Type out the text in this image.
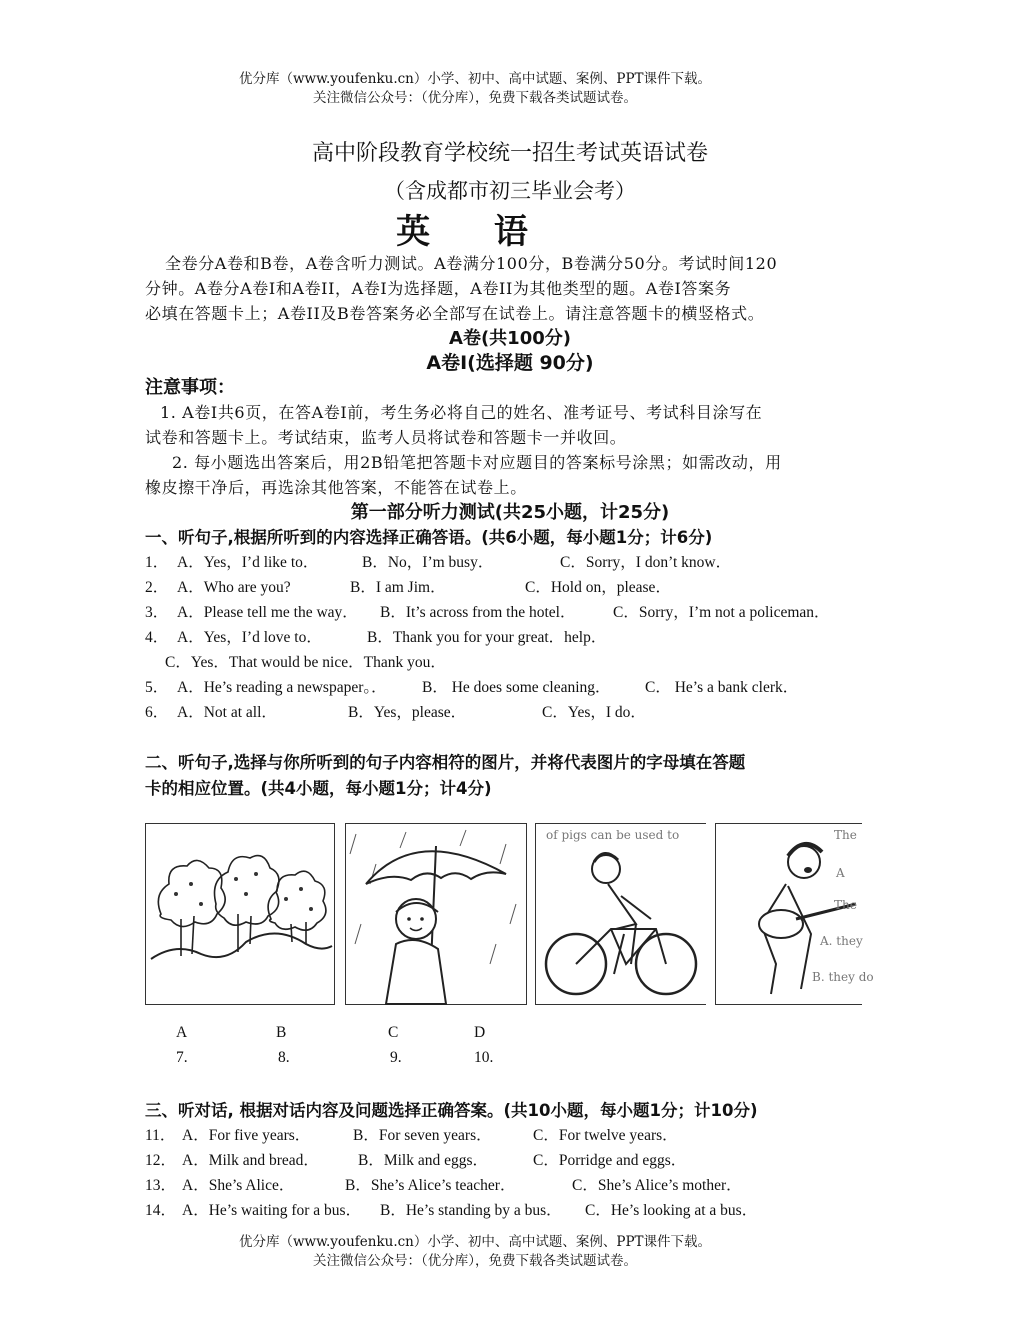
优分库（www.youfenku.cn）小学、初中、高中试题、案例、PPT课件下载。
关注微信公众号：（优分库），免费下载各类试题试卷。
高中阶段教育学校统一招生考试英语试卷
（含成都市初三毕业会考）
英 语
全卷分A卷和B卷，A卷含听力测试。A卷满分100分，B卷满分50分。考试时间120
分钟。A卷分A卷Ⅰ和A卷II，A卷Ⅰ为选择题，A卷II为其他类型的题。A卷Ⅰ答案务
必填在答题卡上；A卷II及B卷答案务必全部写在试卷上。请注意答题卡的横竖格式。
A卷(共100分)
A卷Ⅰ(选择题 90分)
注意事项：
1. A卷Ⅰ共6页，在答A卷Ⅰ前，考生务必将自己的姓名、准考证号、考试科目涂写在
试卷和答题卡上。考试结束，监考人员将试卷和答题卡一并收回。
2. 每小题选出答案后，用2B铅笔把答题卡对应题目的答案标号涂黑；如需改动，用
橡皮擦干净后，再选涂其他答案，不能答在试卷上。
第一部分听力测试(共25小题，计25分)
一、听句子,根据所听到的内容选择正确答语。(共6小题，每小题1分；计6分)
1． A．Yes，I’d like to．	B．No，I’m busy．	C．Sorry，I don’t know．
2． A．Who are you?	B．I am Jim．	C．Hold on，please．
3． A．Please tell me the way． B．It’s across from the hotel． C．Sorry，I’m not a policeman．
4． A．Yes，I’d love to．	B．Thank you for your great．help．
C．Yes．That would be nice．Thank you．
5． A．He’s reading a newspaper。． B． He does some cleaning． C． He’s a bank clerk．
6． A．Not at all．	B．Yes，please．	C．Yes，I do．
二、听句子,选择与你所听到的句子内容相符的图片，并将代表图片的字母填在答题
卡的相应位置。(共4小题，每小题1分；计4分)
of pigs can be used to	The
A
The
A. they
B. they do
A	B	C	D
7.	8.	9.	10.
三、听对话, 根据对话内容及问题选择正确答案。(共10小题，每小题1分；计10分)
11． A．For five years．	B．For seven years．	C．For twelve years．
12． A．Milk and bread．	B．Milk and eggs．	C．Porridge and eggs．
13． A．She’s Alice．	B．She’s Alice’s teacher．	C．She’s Alice’s mother．
14． A．He’s waiting for a bus． B．He’s standing by a bus． C．He’s looking at a bus．
优分库（www.youfenku.cn）小学、初中、高中试题、案例、PPT课件下载。
关注微信公众号：（优分库），免费下载各类试题试卷。
